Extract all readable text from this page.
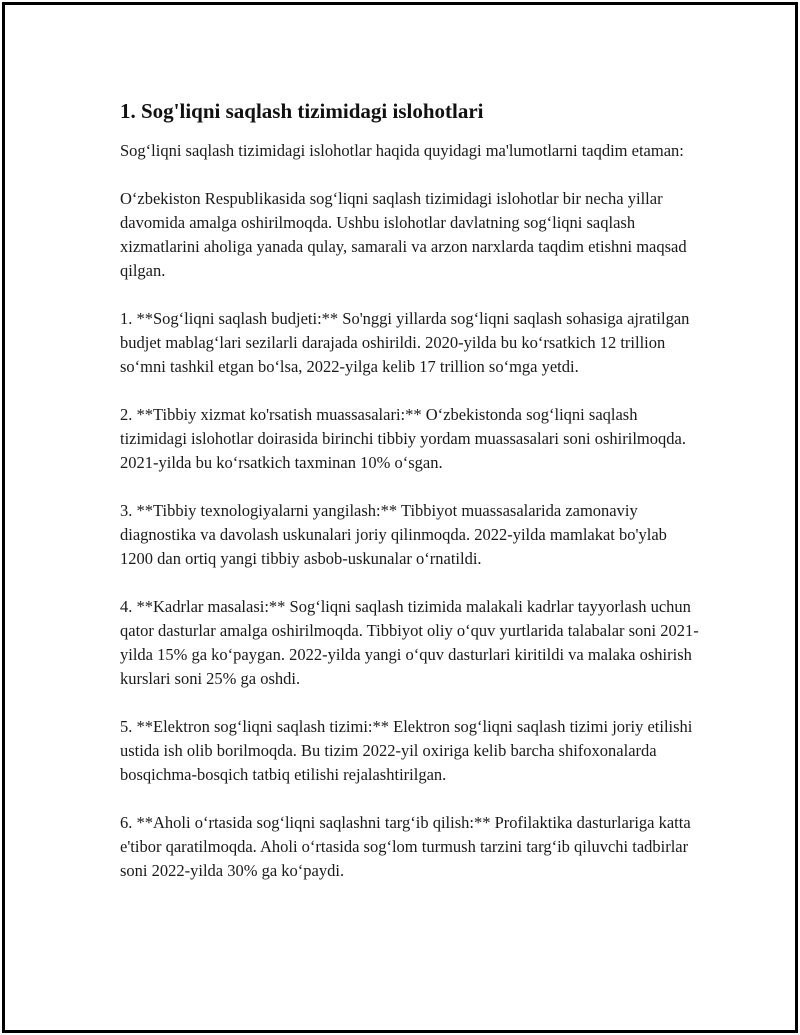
1. Sog'liqni saqlash tizimidagi islohotlari

Sog‘liqni saqlash tizimidagi islohotlar haqida quyidagi ma'lumotlarni taqdim etaman:

O‘zbekiston Respublikasida sog‘liqni saqlash tizimidagi islohotlar bir necha yillar davomida amalga oshirilmoqda. Ushbu islohotlar davlatning sog‘liqni saqlash xizmatlarini aholiga yanada qulay, samarali va arzon narxlarda taqdim etishni maqsad qilgan.

1. **Sog‘liqni saqlash budjeti:** So'nggi yillarda sog‘liqni saqlash sohasiga ajratilgan budjet mablag‘lari sezilarli darajada oshirildi. 2020-yilda bu ko‘rsatkich 12 trillion so‘mni tashkil etgan bo‘lsa, 2022-yilga kelib 17 trillion so‘mga yetdi.

2. **Tibbiy xizmat ko'rsatish muassasalari:** O‘zbekistonda sog‘liqni saqlash tizimidagi islohotlar doirasida birinchi tibbiy yordam muassasalari soni oshirilmoqda. 2021-yilda bu ko‘rsatkich taxminan 10% o‘sgan.

3. **Tibbiy texnologiyalarni yangilash:** Tibbiyot muassasalarida zamonaviy diagnostika va davolash uskunalari joriy qilinmoqda. 2022-yilda mamlakat bo'ylab 1200 dan ortiq yangi tibbiy asbob-uskunalar o‘rnatildi.

4. **Kadrlar masalasi:** Sog‘liqni saqlash tizimida malakali kadrlar tayyorlash uchun qator dasturlar amalga oshirilmoqda. Tibbiyot oliy o‘quv yurtlarida talabalar soni 2021-yilda 15% ga ko‘paygan. 2022-yilda yangi o‘quv dasturlari kiritildi va malaka oshirish kurslari soni 25% ga oshdi.

5. **Elektron sog‘liqni saqlash tizimi:** Elektron sog‘liqni saqlash tizimi joriy etilishi ustida ish olib borilmoqda. Bu tizim 2022-yil oxiriga kelib barcha shifoxonalarda bosqichma-bosqich tatbiq etilishi rejalashtirilgan.

6. **Aholi o‘rtasida sog‘liqni saqlashni targ‘ib qilish:** Profilaktika dasturlariga katta e'tibor qaratilmoqda. Aholi o‘rtasida sog‘lom turmush tarzini targ‘ib qiluvchi tadbirlar soni 2022-yilda 30% ga ko‘paydi.
